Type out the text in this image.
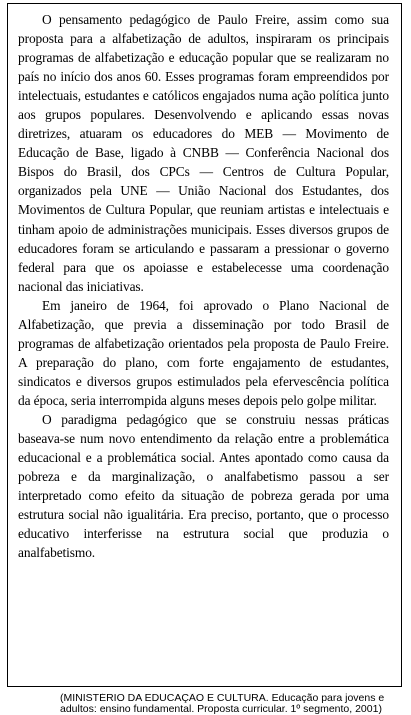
O pensamento pedagógico de Paulo Freire, assim como sua proposta para a alfabetização de adultos, inspiraram os principais programas de alfabetização e educação popular que se realizaram no país no início dos anos 60. Esses programas foram empreendidos por intelectuais, estudantes e católicos engajados numa ação política junto aos grupos populares. Desenvolvendo e aplicando essas novas diretrizes, atuaram os educadores do MEB — Movimento de Educação de Base, ligado à CNBB — Conferência Nacional dos Bispos do Brasil, dos CPCs — Centros de Cultura Popular, organizados pela UNE — União Nacional dos Estudantes, dos Movimentos de Cultura Popular, que reuniam artistas e intelectuais e tinham apoio de administrações municipais. Esses diversos grupos de educadores foram se articulando e passaram a pressionar o governo federal para que os apoiasse e estabelecesse uma coordenação nacional das iniciativas.

Em janeiro de 1964, foi aprovado o Plano Nacional de Alfabetização, que previa a disseminação por todo Brasil de programas de alfabetização orientados pela proposta de Paulo Freire. A preparação do plano, com forte engajamento de estudantes, sindicatos e diversos grupos estimulados pela efervescência política da época, seria interrompida alguns meses depois pelo golpe militar.

O paradigma pedagógico que se construiu nessas práticas baseava-se num novo entendimento da relação entre a problemática educacional e a problemática social. Antes apontado como causa da pobreza e da marginalização, o analfabetismo passou a ser interpretado como efeito da situação de pobreza gerada por uma estrutura social não igualitária. Era preciso, portanto, que o processo educativo interferisse na estrutura social que produzia o analfabetismo.

(MINISTÉRIO DA EDUCAÇÃO E CULTURA. Educação para jovens e
adultos: ensino fundamental. Proposta curricular. 1º segmento, 2001)
